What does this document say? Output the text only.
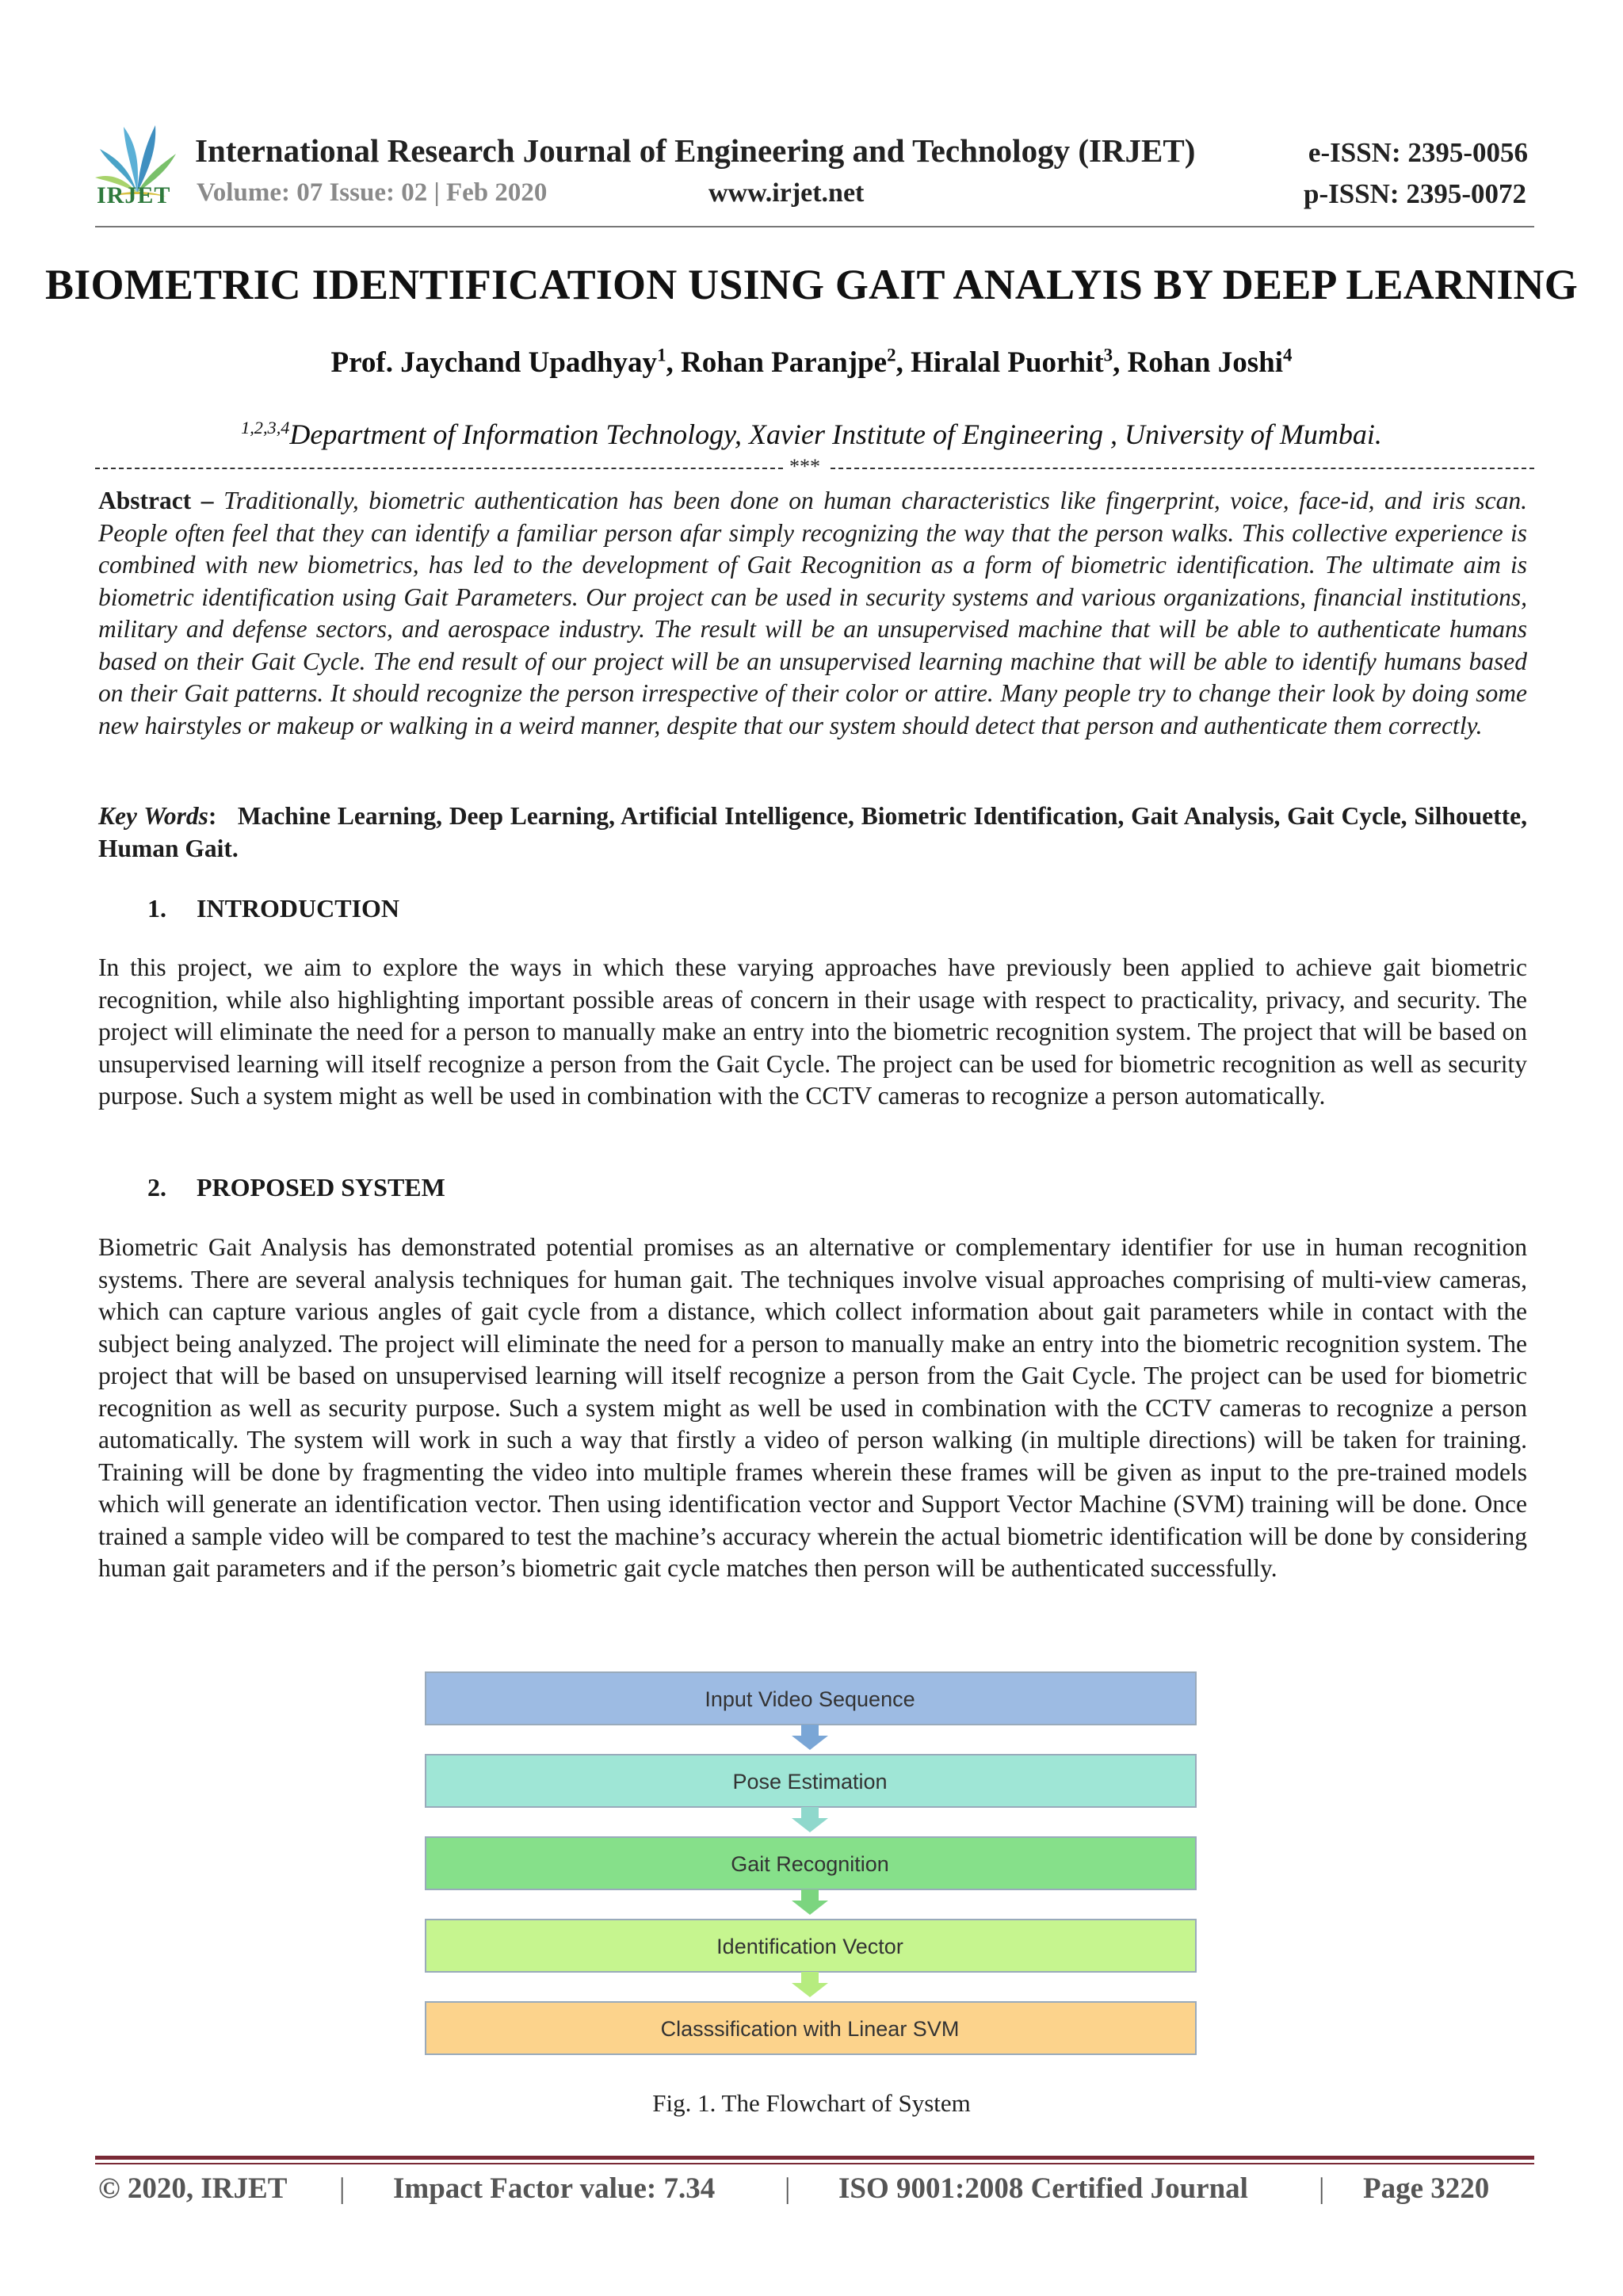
IRJET
International Research Journal of Engineering and Technology (IRJET)	e-ISSN: 2395-0056
Volume: 07 Issue: 02 | Feb 2020	www.irjet.net	p-ISSN: 2395-0072
BIOMETRIC IDENTIFICATION USING GAIT ANALYIS BY DEEP LEARNING
Prof. Jaychand Upadhyay$^1$, Rohan Paranjpe$^2$, Hiralal Puorhit$^3$, Rohan Joshi$^4$
$^{1,2,3,4}$Department of Information Technology, Xavier Institute of Engineering , University of Mumbai.
***

Abstract – Traditionally, biometric authentication has been done on human characteristics like fingerprint, voice, face-id, and iris scan. People often feel that they can identify a familiar person afar simply recognizing the way that the person walks. This collective experience is combined with new biometrics, has led to the development of Gait Recognition as a form of biometric identification. The ultimate aim is biometric identification using Gait Parameters. Our project can be used in security systems and various organizations, financial institutions, military and defense sectors, and aerospace industry. The result will be an unsupervised machine that will be able to authenticate humans based on their Gait Cycle. The end result of our project will be an unsupervised learning machine that will be able to identify humans based on their Gait patterns. It should recognize the person irrespective of their color or attire. Many people try to change their look by doing some new hairstyles or makeup or walking in a weird manner, despite that our system should detect that person and authenticate them correctly.

Key Words:   Machine Learning, Deep Learning, Artificial Intelligence, Biometric Identification, Gait Analysis, Gait Cycle, Silhouette, Human Gait.

1. INTRODUCTION

In this project, we aim to explore the ways in which these varying approaches have previously been applied to achieve gait biometric recognition, while also highlighting important possible areas of concern in their usage with respect to practicality, privacy, and security. The project will eliminate the need for a person to manually make an entry into the biometric recognition system. The project that will be based on unsupervised learning will itself recognize a person from the Gait Cycle. The project can be used for biometric recognition as well as security purpose. Such a system might as well be used in combination with the CCTV cameras to recognize a person automatically.

2. PROPOSED SYSTEM

Biometric Gait Analysis has demonstrated potential promises as an alternative or complementary identifier for use in human recognition systems. There are several analysis techniques for human gait. The techniques involve visual approaches comprising of multi-view cameras, which can capture various angles of gait cycle from a distance, which collect information about gait parameters while in contact with the subject being analyzed. The project will eliminate the need for a person to manually make an entry into the biometric recognition system. The project that will be based on unsupervised learning will itself recognize a person from the Gait Cycle. The project can be used for biometric recognition as well as security purpose. Such a system might as well be used in combination with the CCTV cameras to recognize a person automatically. The system will work in such a way that firstly a video of person walking (in multiple directions) will be taken for training. Training will be done by fragmenting the video into multiple frames wherein these frames will be given as input to the pre-trained models which will generate an identification vector. Then using identification vector and Support Vector Machine (SVM) training will be done. Once trained a sample video will be compared to test the machine’s accuracy wherein the actual biometric identification will be done by considering human gait parameters and if the person’s biometric gait cycle matches then person will be authenticated successfully.

Input Video Sequence
Pose Estimation
Gait Recognition
Identification Vector
Classsification with Linear SVM
Fig. 1. The Flowchart of System
© 2020, IRJET | Impact Factor value: 7.34 | ISO 9001:2008 Certified Journal | Page 3220
